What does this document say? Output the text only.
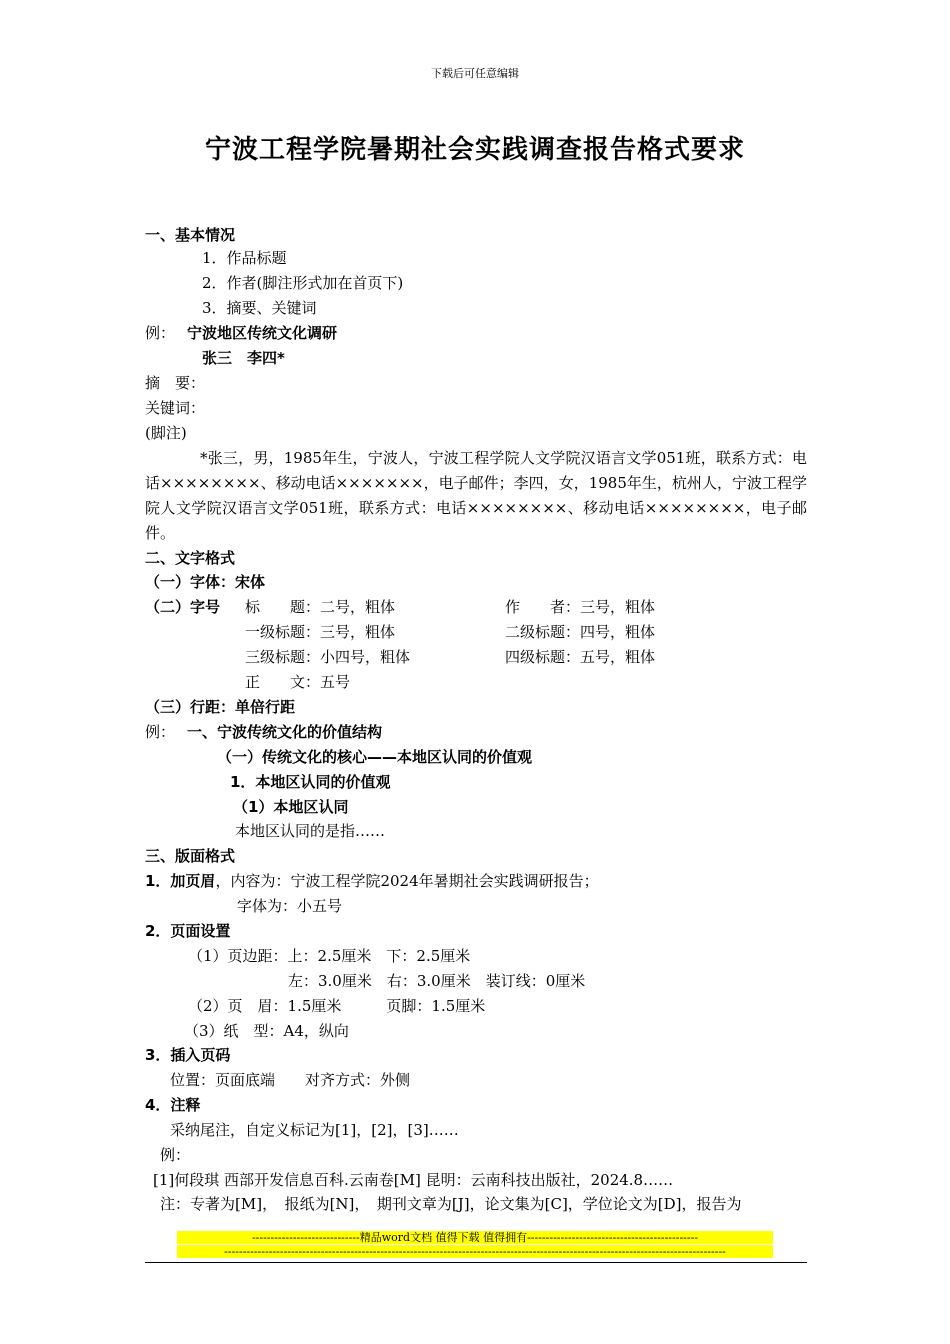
下载后可任意编辑
宁波工程学院暑期社会实践调查报告格式要求
一、基本情况
1．作品标题
2．作者(脚注形式加在首页下)
3．摘要、关键词
例： 宁波地区传统文化调研
张三　李四*
摘　要：
关键词：
(脚注)
*张三，男，1985年生，宁波人，宁波工程学院人文学院汉语言文学051班，联系方式：电话××××××××、移动电话×××××××，电子邮件；李四，女，1985年生，杭州人，宁波工程学院人文学院汉语言文学051班，联系方式：电话××××××××、移动电话××××××××，电子邮件。
二、文字格式
（一）字体：宋体
（二）字号 标　　题：二号，粗体	作　　者：三号，粗体
一级标题：三号，粗体	二级标题：四号，粗体
三级标题：小四号，粗体	四级标题：五号，粗体
正　　文：五号
（三）行距：单倍行距
例： 一、宁波传统文化的价值结构
（一）传统文化的核心——本地区认同的价值观
1．本地区认同的价值观
（1）本地区认同
本地区认同的是指……
三、版面格式
1．加页眉，内容为：宁波工程学院2024年暑期社会实践调研报告；
字体为：小五号
2．页面设置
（1）页边距：上：2.5厘米　下：2.5厘米
左：3.0厘米　右：3.0厘米　装订线：0厘米
（2）页　眉：1.5厘米　　　页脚：1.5厘米
（3）纸　型：A4，纵向
3．插入页码
位置：页面底端　　对齐方式：外侧
4．注释
采纳尾注，自定义标记为[1]，[2]，[3]……
例：
[1]何段琪 西部开发信息百科.云南卷[M] 昆明：云南科技出版社，2024.8……
注：专著为[M]，　报纸为[N]，　期刊文章为[J]，论文集为[C]，学位论文为[D]，报告为
-----------------------------精品word文档 值得下载 值得拥有----------------------------------------------
---------------------------------------------------------------------------------------------------------------------------------------
